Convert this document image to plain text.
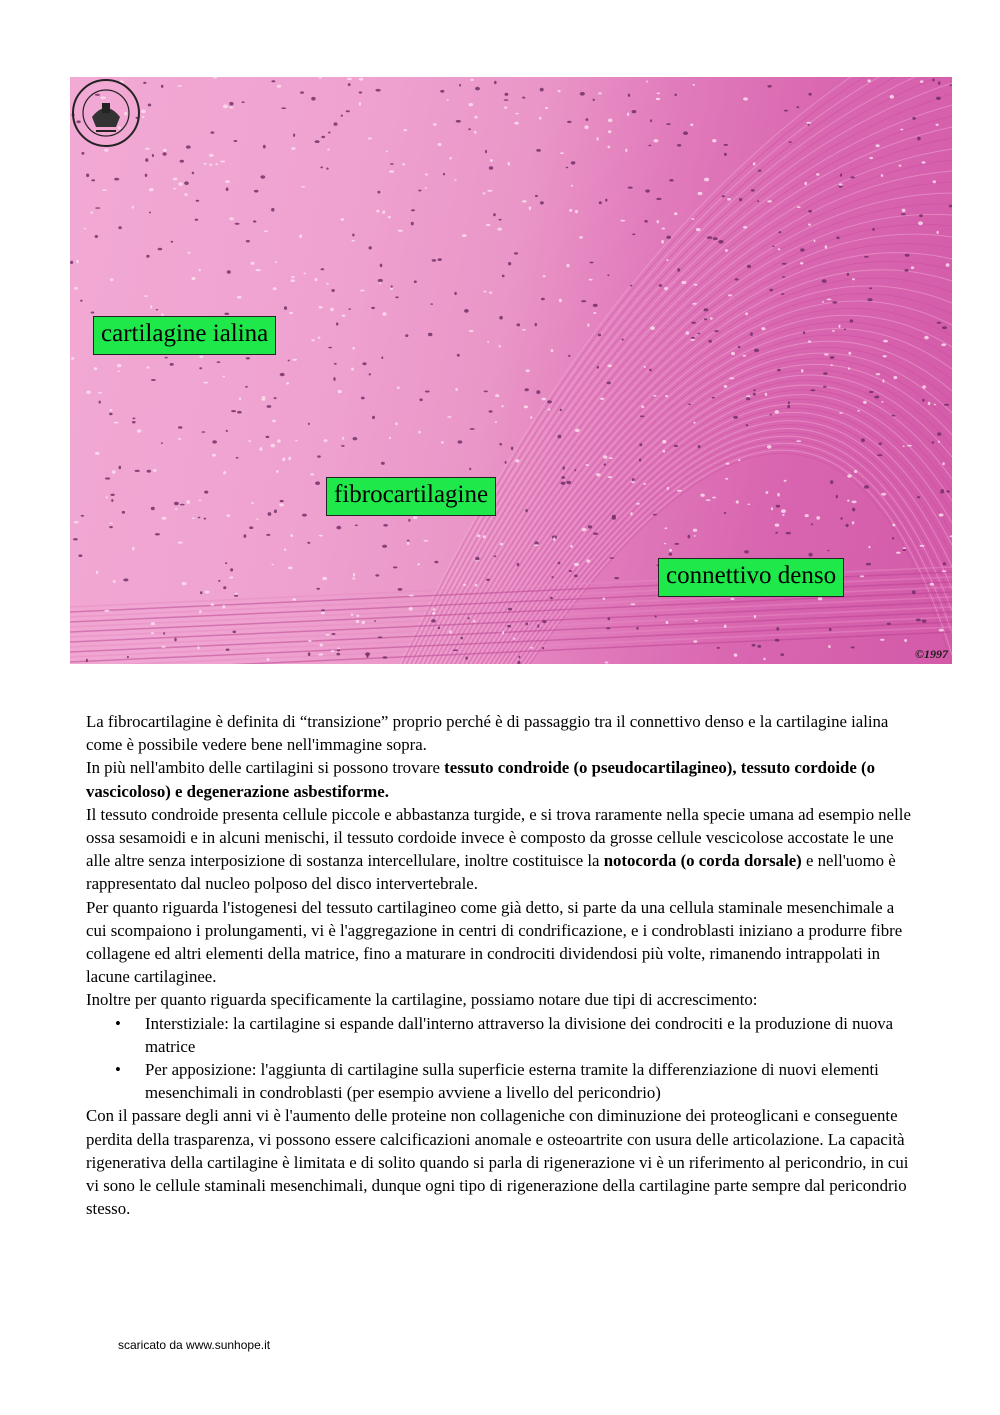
cartilagine ialina
fibrocartilagine
connettivo denso
©1997

La fibrocartilagine è definita di “transizione” proprio perché è di passaggio tra il connettivo denso e la cartilagine ialina come è possibile vedere bene nell'immagine sopra.

In più nell'ambito delle cartilagini si possono trovare tessuto condroide (o pseudocartilagineo), tessuto cordoide (o vascicoloso) e degenerazione asbestiforme.

Il tessuto condroide presenta cellule piccole e abbastanza turgide, e si trova raramente nella specie umana ad esempio nelle ossa sesamoidi e in alcuni menischi, il tessuto cordoide invece è composto da grosse cellule vescicolose accostate le une alle altre senza interposizione di sostanza intercellulare, inoltre costituisce la notocorda (o corda dorsale) e nell'uomo è rappresentato dal nucleo polposo del disco intervertebrale.

Per quanto riguarda l'istogenesi del tessuto cartilagineo come già detto, si parte da una cellula staminale mesenchimale a cui scompaiono i prolungamenti, vi è l'aggregazione in centri di condrificazione, e i condroblasti iniziano a produrre fibre collagene ed altri elementi della matrice, fino a maturare in condrociti dividendosi più volte, rimanendo intrappolati in lacune cartilaginee.

Inoltre per quanto riguarda specificamente la cartilagine, possiamo notare due tipi di accrescimento:

• Interstiziale: la cartilagine si espande dall'interno attraverso la divisione dei condrociti e la produzione di nuova matrice
• Per apposizione: l'aggiunta di cartilagine sulla superficie esterna tramite la differenziazione di nuovi elementi mesenchimali in condroblasti (per esempio avviene a livello del pericondrio)

Con il passare degli anni vi è l'aumento delle proteine non collageniche con diminuzione dei proteoglicani e conseguente perdita della trasparenza, vi possono essere calcificazioni anomale e osteoartrite con usura delle articolazione. La capacità rigenerativa della cartilagine è limitata e di solito quando si parla di rigenerazione vi è un riferimento al pericondrio, in cui vi sono le cellule staminali mesenchimali, dunque ogni tipo di rigenerazione della cartilagine parte sempre dal pericondrio stesso.

scaricato da www.sunhope.it
